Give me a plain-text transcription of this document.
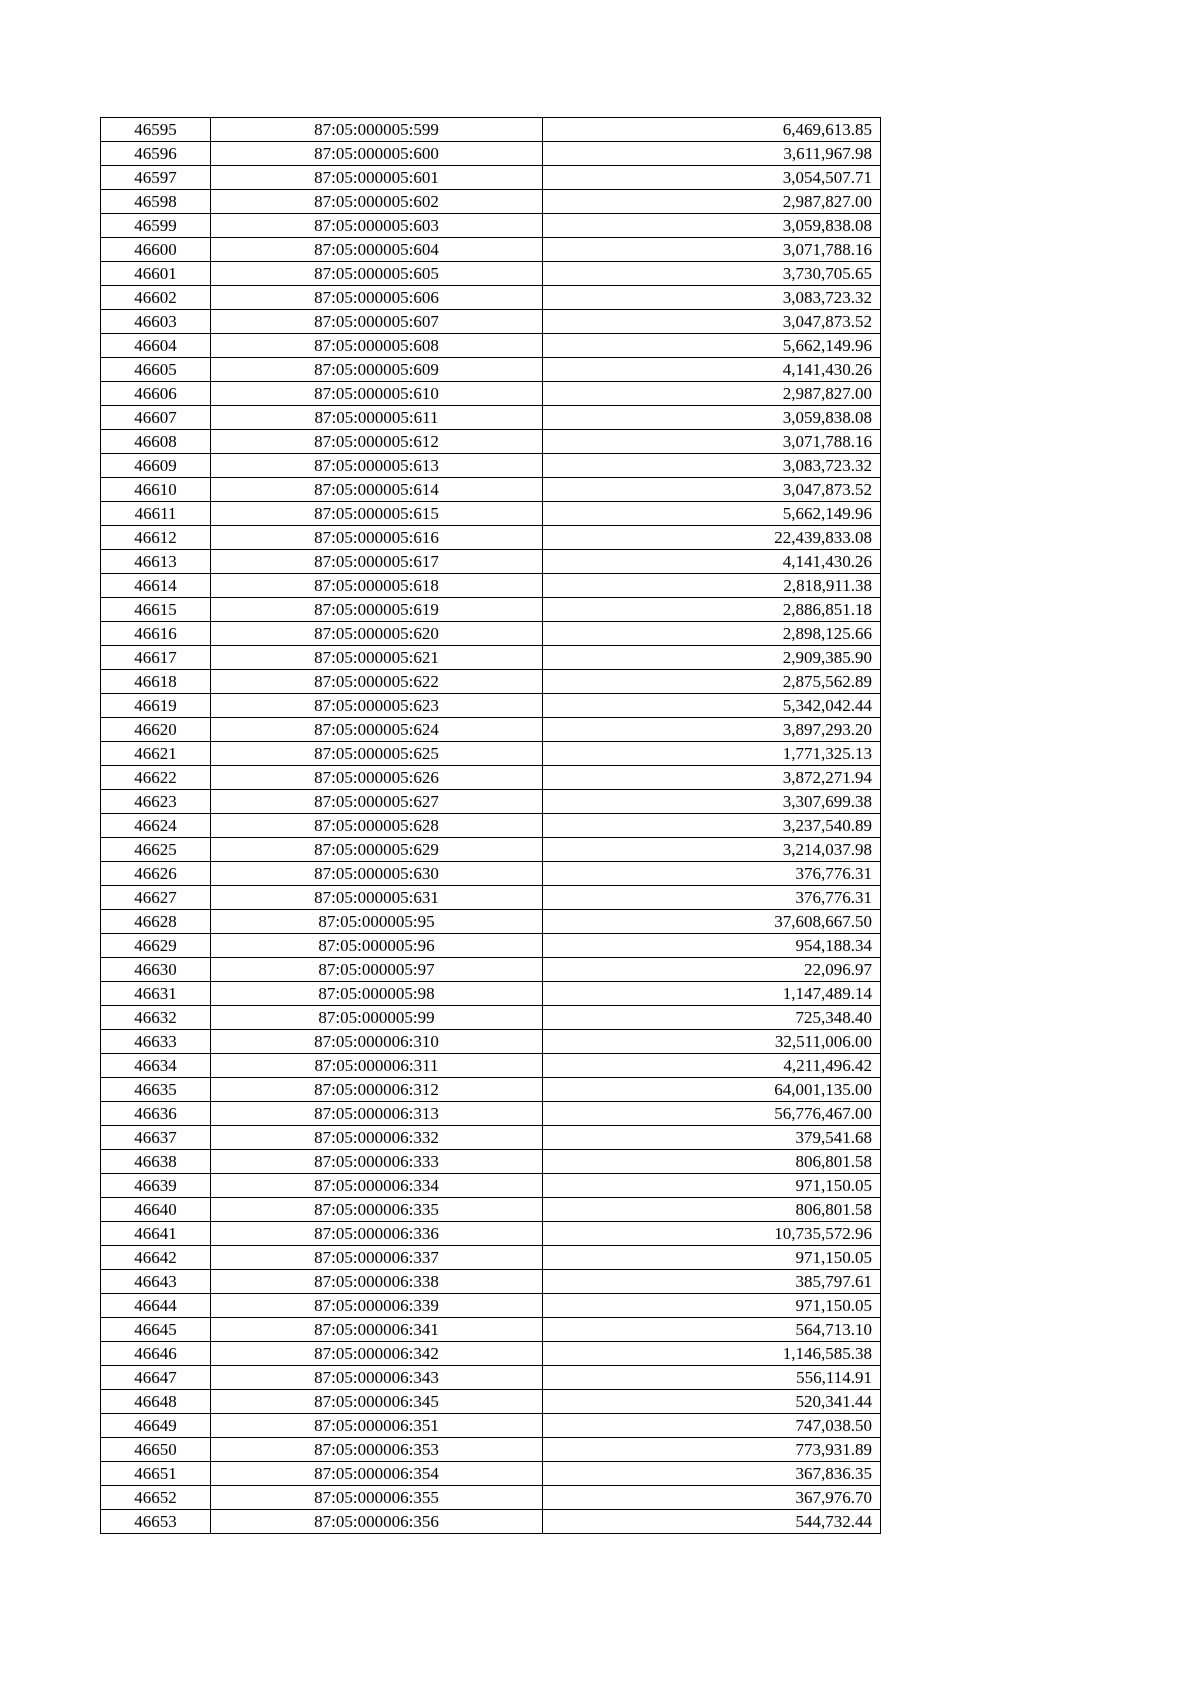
46595	87:05:000005:599	6,469,613.85
46596	87:05:000005:600	3,611,967.98
46597	87:05:000005:601	3,054,507.71
46598	87:05:000005:602	2,987,827.00
46599	87:05:000005:603	3,059,838.08
46600	87:05:000005:604	3,071,788.16
46601	87:05:000005:605	3,730,705.65
46602	87:05:000005:606	3,083,723.32
46603	87:05:000005:607	3,047,873.52
46604	87:05:000005:608	5,662,149.96
46605	87:05:000005:609	4,141,430.26
46606	87:05:000005:610	2,987,827.00
46607	87:05:000005:611	3,059,838.08
46608	87:05:000005:612	3,071,788.16
46609	87:05:000005:613	3,083,723.32
46610	87:05:000005:614	3,047,873.52
46611	87:05:000005:615	5,662,149.96
46612	87:05:000005:616	22,439,833.08
46613	87:05:000005:617	4,141,430.26
46614	87:05:000005:618	2,818,911.38
46615	87:05:000005:619	2,886,851.18
46616	87:05:000005:620	2,898,125.66
46617	87:05:000005:621	2,909,385.90
46618	87:05:000005:622	2,875,562.89
46619	87:05:000005:623	5,342,042.44
46620	87:05:000005:624	3,897,293.20
46621	87:05:000005:625	1,771,325.13
46622	87:05:000005:626	3,872,271.94
46623	87:05:000005:627	3,307,699.38
46624	87:05:000005:628	3,237,540.89
46625	87:05:000005:629	3,214,037.98
46626	87:05:000005:630	376,776.31
46627	87:05:000005:631	376,776.31
46628	87:05:000005:95	37,608,667.50
46629	87:05:000005:96	954,188.34
46630	87:05:000005:97	22,096.97
46631	87:05:000005:98	1,147,489.14
46632	87:05:000005:99	725,348.40
46633	87:05:000006:310	32,511,006.00
46634	87:05:000006:311	4,211,496.42
46635	87:05:000006:312	64,001,135.00
46636	87:05:000006:313	56,776,467.00
46637	87:05:000006:332	379,541.68
46638	87:05:000006:333	806,801.58
46639	87:05:000006:334	971,150.05
46640	87:05:000006:335	806,801.58
46641	87:05:000006:336	10,735,572.96
46642	87:05:000006:337	971,150.05
46643	87:05:000006:338	385,797.61
46644	87:05:000006:339	971,150.05
46645	87:05:000006:341	564,713.10
46646	87:05:000006:342	1,146,585.38
46647	87:05:000006:343	556,114.91
46648	87:05:000006:345	520,341.44
46649	87:05:000006:351	747,038.50
46650	87:05:000006:353	773,931.89
46651	87:05:000006:354	367,836.35
46652	87:05:000006:355	367,976.70
46653	87:05:000006:356	544,732.44
